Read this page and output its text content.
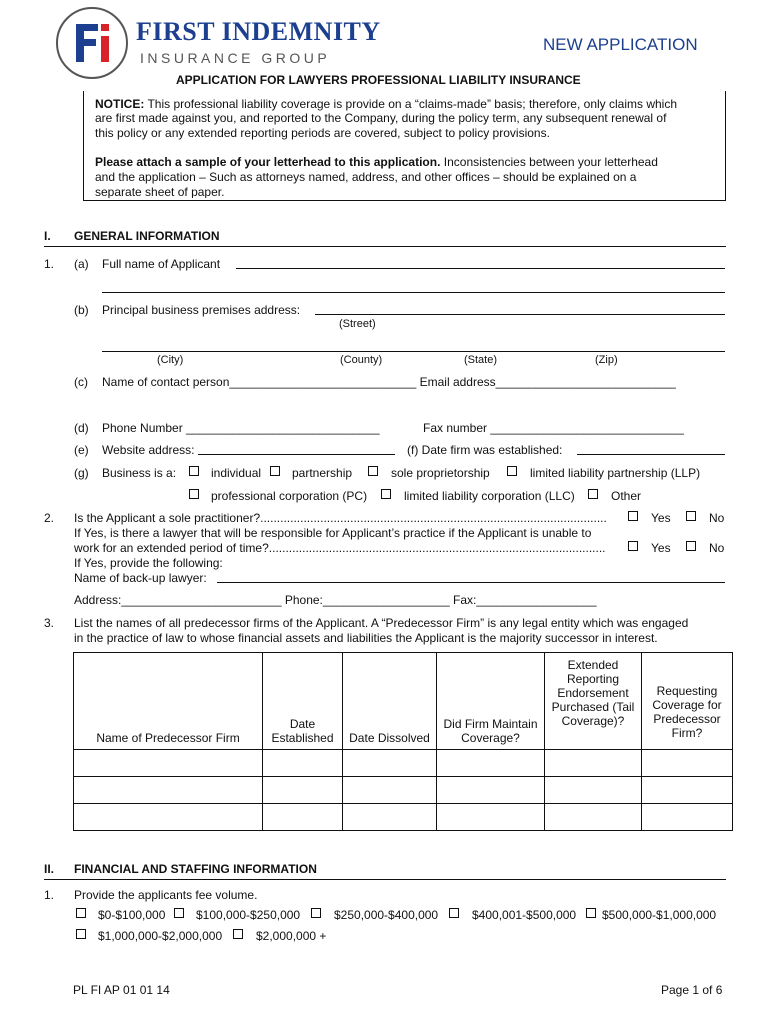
FIRST INDEMNITY
INSURANCE GROUP
NEW APPLICATION
APPLICATION FOR LAWYERS PROFESSIONAL LIABILITY INSURANCE
NOTICE: This professional liability coverage is provide on a “claims-made” basis; therefore, only claims which
are first made against you, and reported to the Company, during the policy term, any subsequent renewal of
this policy or any extended reporting periods are covered, subject to policy provisions.
Please attach a sample of your letterhead to this application. Inconsistencies between your letterhead
and the application – Such as attorneys named, address, and other offices – should be explained on a
separate sheet of paper.
I. GENERAL INFORMATION
1. (a) Full name of Applicant
(b) Principal business premises address:
(Street)
(City)	(County)	(State)	(Zip)
(c) Name of contact person____________________________ Email address___________________________
(d) Phone Number _____________________________	Fax number _____________________________
(e) Website address:	(f) Date firm was established:
(g) Business is a:	individual	partnership	sole proprietorship	limited liability partnership (LLP)
professional corporation (PC)	limited liability corporation (LLC)	Other
2. Is the Applicant a sole practitioner?........................................................................................................	Yes	No
If Yes, is there a lawyer that will be responsible for Applicant’s practice if the Applicant is unable to
work for an extended period of time?.....................................................................................................	Yes	No
If Yes, provide the following:
Name of back-up lawyer:
Address:________________________ Phone:___________________ Fax:__________________
3. List the names of all predecessor firms of the Applicant. A “Predecessor Firm” is any legal entity which was engaged
in the practice of law to whose financial assets and liabilities the Applicant is the majority successor in interest.
Name of Predecessor Firm	Date Established	Date Dissolved	Did Firm Maintain Coverage?	Extended Reporting Endorsement Purchased (Tail Coverage)?	Requesting Coverage for Predecessor Firm?

II. FINANCIAL AND STAFFING INFORMATION
1. Provide the applicants fee volume.
$0-$100,000	$100,000-$250,000	$250,000-$400,000	$400,001-$500,000 $500,000-$1,000,000
$1,000,000-$2,000,000	$2,000,000 +
PL FI AP 01 01 14	Page 1 of 6
